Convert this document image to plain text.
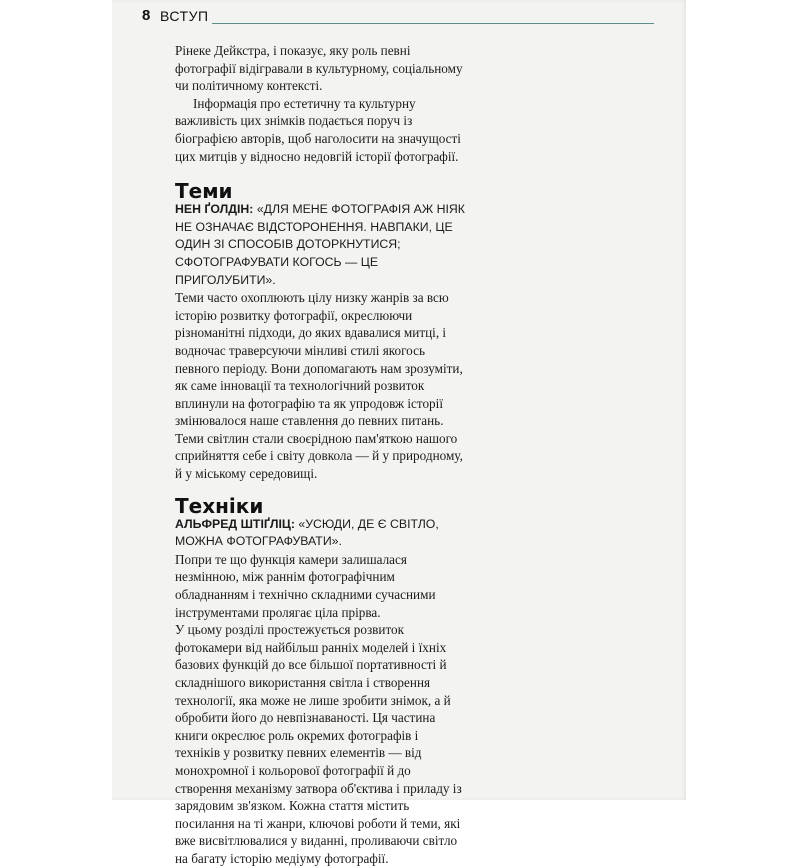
8 ВСТУП

Рінеке Дейкстра, і показує, яку роль певні фотографії відігравали в культурному, соціальному чи політичному контексті.

Інформація про естетичну та культурну важливість цих знімків подається поруч із біографією авторів, щоб наголосити на значущості цих митців у відносно недовгій історії фотографії.

Теми

НЕН ҐОЛДІН: «ДЛЯ МЕНЕ ФОТОГРАФІЯ АЖ НІЯК НЕ ОЗНАЧАЄ ВІДСТОРОНЕННЯ. НАВПАКИ, ЦЕ ОДИН ЗІ СПОСОБІВ ДОТОРКНУТИСЯ; СФОТОГРАФУВАТИ КОГОСЬ — ЦЕ ПРИГОЛУБИТИ».

Теми часто охоплюють цілу низку жанрів за всю історію розвитку фотографії, окреслюючи різноманітні підходи, до яких вдавалися митці, і водночас траверсуючи мінливі стилі якогось певного періоду. Вони допомагають нам зрозуміти, як саме інновації та технологічний розвиток вплинули на фотографію та як упродовж історії змінювалося наше ставлення до певних питань. Теми світлин стали своєрідною пам'яткою нашого сприйняття себе і світу довкола — й у природному, й у міському середовищі.

Техніки

АЛЬФРЕД ШТІҐЛІЦ: «УСЮДИ, ДЕ Є СВІТЛО, МОЖНА ФОТОГРАФУВАТИ».

Попри те що функція камери залишалася незмінною, між раннім фотографічним обладнанням і технічно складними сучасними інструментами пролягає ціла прірва.

У цьому розділі простежується розвиток фотокамери від найбільш ранніх моделей і їхніх базових функцій до все більшої портативності й складнішого використання світла і створення технології, яка може не лише зробити знімок, а й обробити його до невпізнаваності. Ця частина книги окреслює роль окремих фотографів і техніків у розвитку певних елементів — від монохромної і кольорової фотографії й до створення механізму затвора об'єктива і приладу із зарядовим зв'язком. Кожна стаття містить посилання на ті жанри, ключові роботи й теми, які вже висвітлювалися у виданні, проливаючи світло на багату історію медіуму фотографії.
